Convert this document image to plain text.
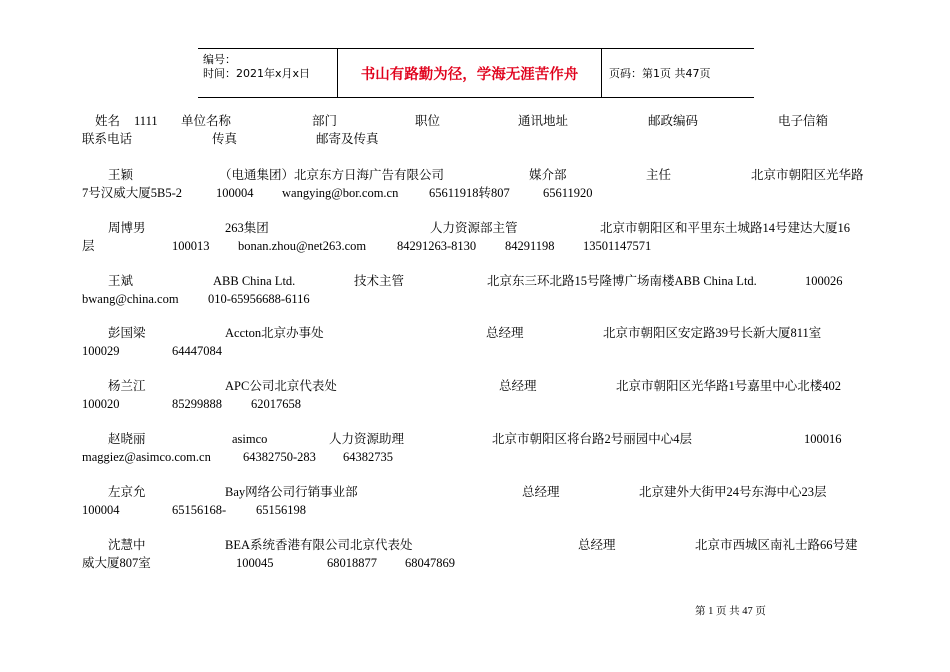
编号：
时间：2021年x月x日	书山有路勤为径，学海无涯苦作舟	页码：第1页 共47页
姓名 1111 单位名称	部门	职位	通讯地址	邮政编码	电子信箱
联系电话	传真	邮寄及传真
王颖	（电通集团）北京东方日海广告有限公司	媒介部	主任	北京市朝阳区光华路
7号汉威大厦5B5-2	100004 wangying@bor.com.cn 65611918转807	65611920
周博男	263集团	人力资源部主管	北京市朝阳区和平里东土城路14号建达大厦16
层	100013 bonan.zhou@net263.com 84291263-8130 84291198 13501147571
王斌	ABB China Ltd.	技术主管	北京东三环北路15号隆博广场南楼ABB China Ltd.	100026
bwang@china.com 010-65956688-6116
彭国梁	Accton北京办事处	总经理	北京市朝阳区安定路39号长新大厦811室
100029	64447084
杨兰江	APC公司北京代表处	总经理	北京市朝阳区光华路1号嘉里中心北楼402
100020	85299888 62017658
赵晓丽	asimco	人力资源助理	北京市朝阳区将台路2号丽园中心4层	100016
maggiez@asimco.com.cn	64382750-283 64382735
左京允	Bay网络公司行销事业部	总经理	北京建外大街甲24号东海中心23层
100004	65156168- 65156198
沈慧中	BEA系统香港有限公司北京代表处	总经理	北京市西城区南礼士路66号建
威大厦807室	100045	68018877 68047869
第 1 页 共 47 页
